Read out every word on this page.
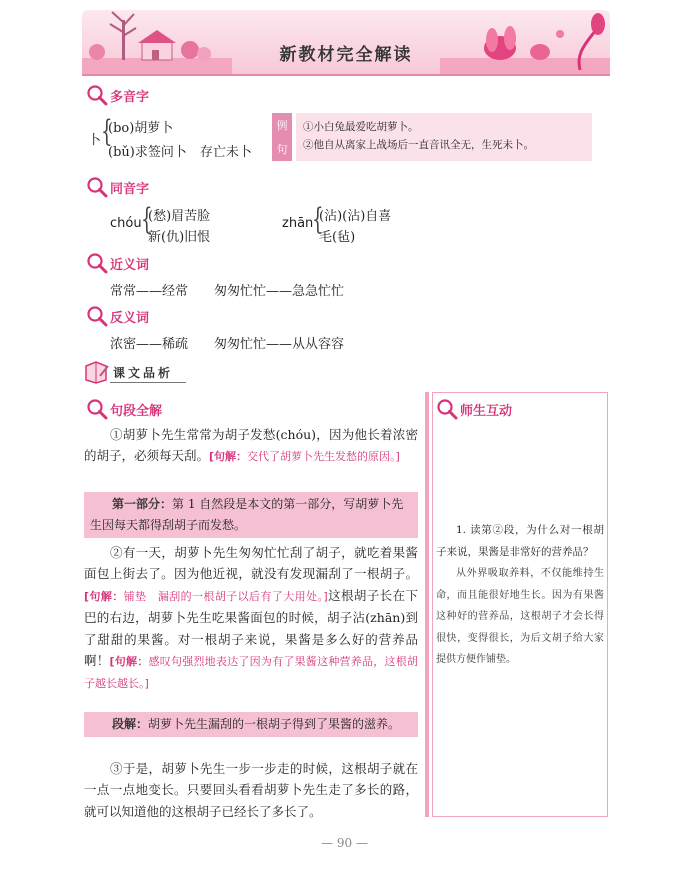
新教材完全解读
多音字
卜 {
(bo)胡萝卜
(bǔ)求签问卜　存亡未卜
例
句
①小白兔最爱吃胡萝卜。
②他自从离家上战场后一直音讯全无，生死未卜。
同音字
chóu {
(愁)眉苦脸
新(仇)旧恨
zhān
{
(沾)(沾)自喜
毛(毡)
近义词
常常——经常　　匆匆忙忙——急急忙忙
反义词
浓密——稀疏　　匆匆忙忙——从从容容
课文品析
句段全解
①胡萝卜先生常常为胡子发愁(chóu)，因为他长着浓密的胡子，必须每天刮。[句解：交代了胡萝卜先生发愁的原因。]
第一部分：第 1 自然段是本文的第一部分，写胡萝卜先生因每天都得刮胡子而发愁。
②有一天，胡萝卜先生匆匆忙忙刮了胡子，就吃着果酱面包上街去了。因为他近视，就没有发现漏刮了一根胡子。[句解：铺垫　漏刮的一根胡子以后有了大用处。]这根胡子长在下巴的右边，胡萝卜先生吃果酱面包的时候，胡子沾(zhān)到了甜甜的果酱。对一根胡子来说，果酱是多么好的营养品啊！[句解：感叹句强烈地表达了因为有了果酱这种营养品，这根胡子越长越长。]
段解：胡萝卜先生漏刮的一根胡子得到了果酱的滋养。
③于是，胡萝卜先生一步一步走的时候，这根胡子就在一点一点地变长。只要回头看看胡萝卜先生走了多长的路，就可以知道他的这根胡子已经长了多长了。
师生互动
1. 读第②段，为什么对一根胡子来说，果酱是非常好的营养品？
从外界吸取养料，不仅能维持生命，而且能很好地生长。因为有果酱这种好的营养品，这根胡子才会长得很快，变得很长，为后文胡子给大家提供方便作铺垫。
— 90 —
